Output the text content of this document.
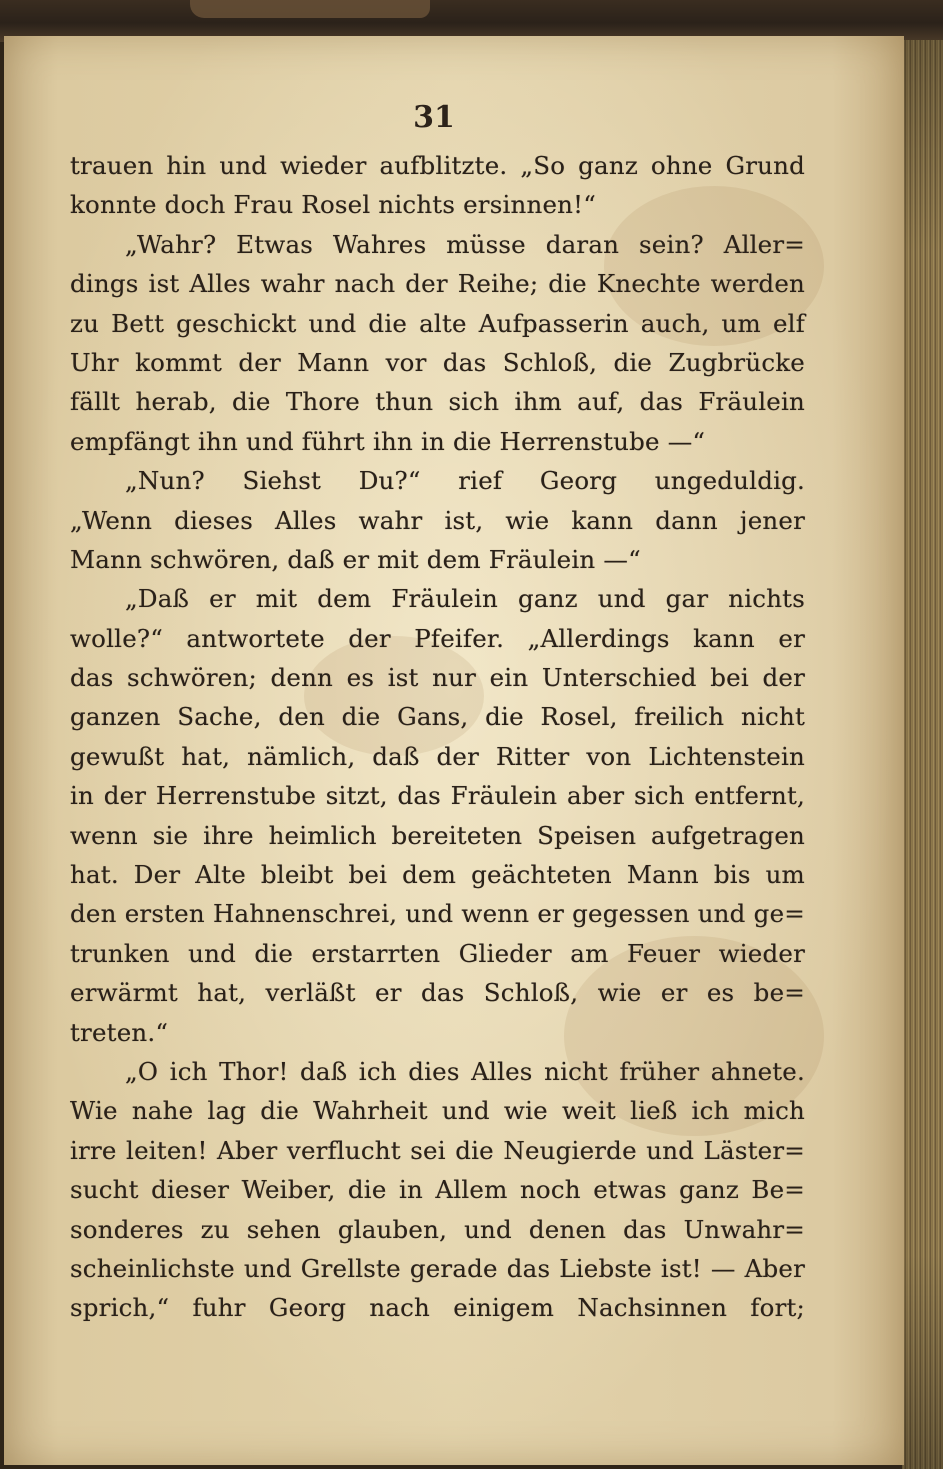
31
trauen hin und wieder aufblitzte. „So ganz ohne Grund
konnte doch Frau Rosel nichts ersinnen!“
„Wahr? Etwas Wahres müsse daran sein? Aller=
dings ist Alles wahr nach der Reihe; die Knechte werden
zu Bett geschickt und die alte Aufpasserin auch, um elf
Uhr kommt der Mann vor das Schloß, die Zugbrücke
fällt herab, die Thore thun sich ihm auf, das Fräulein
empfängt ihn und führt ihn in die Herrenstube —“
„Nun? Siehst Du?“ rief Georg ungeduldig.
„Wenn dieses Alles wahr ist, wie kann dann jener
Mann schwören, daß er mit dem Fräulein —“
„Daß er mit dem Fräulein ganz und gar nichts
wolle?“ antwortete der Pfeifer. „Allerdings kann er
das schwören; denn es ist nur ein Unterschied bei der
ganzen Sache, den die Gans, die Rosel, freilich nicht
gewußt hat, nämlich, daß der Ritter von Lichtenstein
in der Herrenstube sitzt, das Fräulein aber sich entfernt,
wenn sie ihre heimlich bereiteten Speisen aufgetragen
hat. Der Alte bleibt bei dem geächteten Mann bis um
den ersten Hahnenschrei, und wenn er gegessen und ge=
trunken und die erstarrten Glieder am Feuer wieder
erwärmt hat, verläßt er das Schloß, wie er es be=
treten.“
„O ich Thor! daß ich dies Alles nicht früher ahnete.
Wie nahe lag die Wahrheit und wie weit ließ ich mich
irre leiten! Aber verflucht sei die Neugierde und Läster=
sucht dieser Weiber, die in Allem noch etwas ganz Be=
sonderes zu sehen glauben, und denen das Unwahr=
scheinlichste und Grellste gerade das Liebste ist! — Aber
sprich,“ fuhr Georg nach einigem Nachsinnen fort;
